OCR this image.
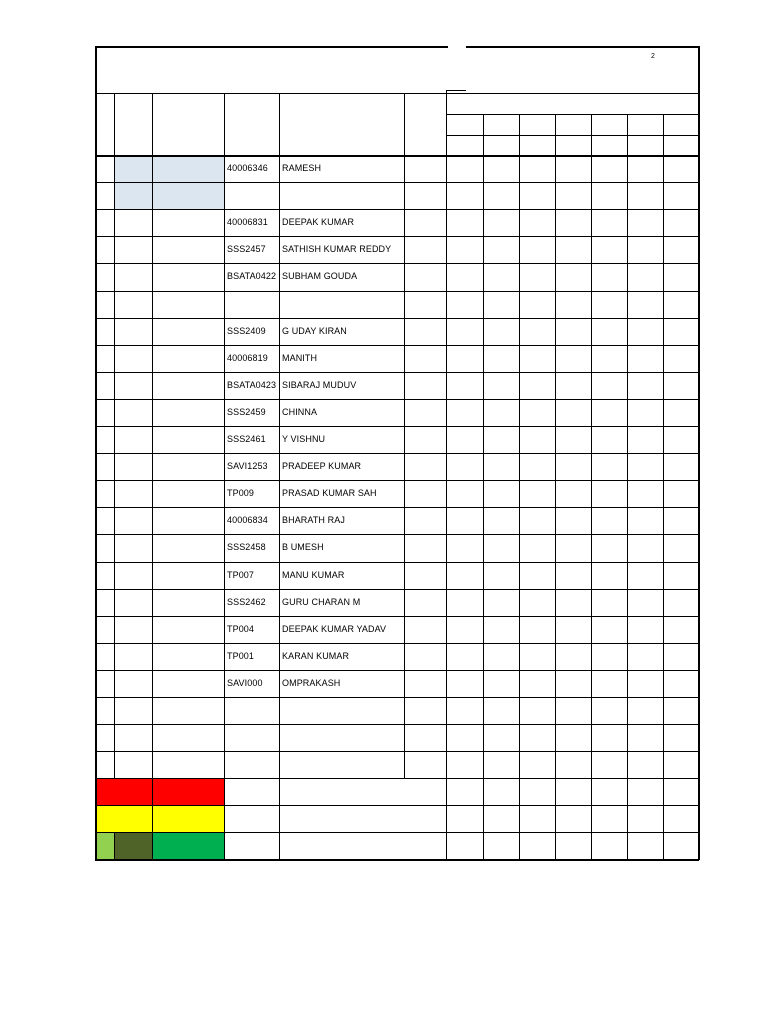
2
40006346 RAMESH
40006831 DEEPAK KUMAR
SSS2457 SATHISH KUMAR REDDY
BSATA0422 SUBHAM GOUDA
SSS2409 G UDAY KIRAN
40006819 MANITH
BSATA0423 SIBARAJ MUDUV
SSS2459 CHINNA
SSS2461 Y VISHNU
SAVI1253 PRADEEP KUMAR
TP009	PRASAD KUMAR SAH
40006834 BHARATH RAJ
SSS2458 B UMESH
TP007	MANU KUMAR
SSS2462 GURU CHARAN M
TP004	DEEPAK KUMAR YADAV
TP001	KARAN KUMAR
SAVI000 OMPRAKASH
